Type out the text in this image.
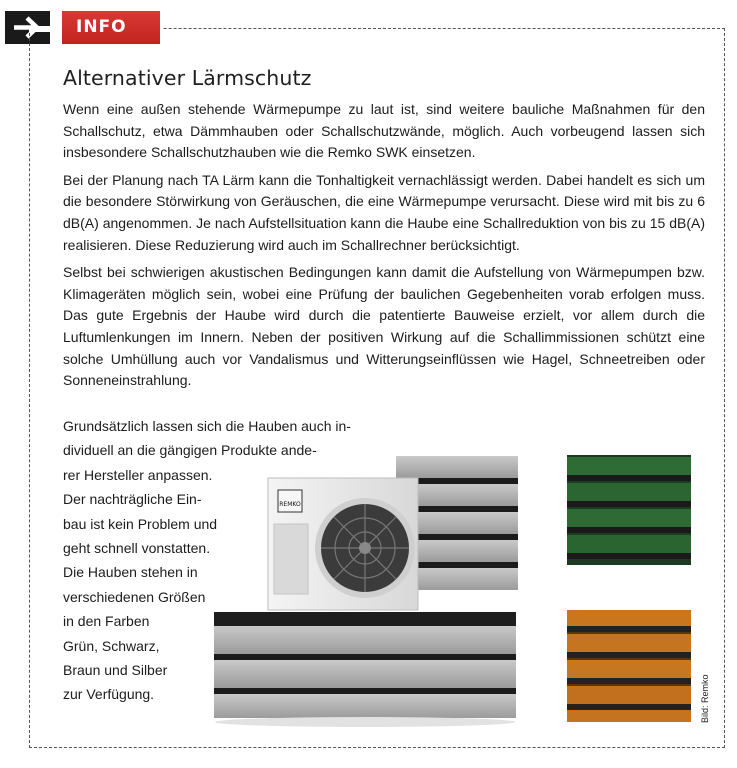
INFO
Alternativer Lärmschutz

Wenn eine außen stehende Wärmepumpe zu laut ist, sind weitere bauliche Maßnahmen für den Schallschutz, etwa Dämmhauben oder Schallschutzwände, möglich. Auch vorbeugend lassen sich insbesondere Schallschutzhauben wie die Remko SWK einsetzen.

Bei der Planung nach TA Lärm kann die Tonhaltigkeit vernachlässigt werden. Dabei handelt es sich um die besondere Störwirkung von Geräuschen, die eine Wärmepumpe verursacht. Diese wird mit bis zu 6 dB(A) angenommen. Je nach Aufstellsituation kann die Haube eine Schallreduktion von bis zu 15 dB(A) realisieren. Diese Reduzierung wird auch im Schallrechner berücksichtigt.

Selbst bei schwierigen akustischen Bedingungen kann damit die Aufstellung von Wärmepumpen bzw. Klimageräten möglich sein, wobei eine Prüfung der baulichen Gegebenheiten vorab erfolgen muss. Das gute Ergebnis der Haube wird durch die patentierte Bauweise erzielt, vor allem durch die Luftumlenkungen im Innern. Neben der positiven Wirkung auf die Schallimmissionen schützt eine solche Umhüllung auch vor Vandalismus und Witterungseinflüssen wie Hagel, Schneetreiben oder Sonneneinstrahlung.

Grundsätzlich lassen sich die Hauben auch in-
dividuell an die gängigen Produkte ande-
rer Hersteller anpassen.
Der nachträgliche Ein-
bau ist kein Problem und
geht schnell vonstatten.
Die Hauben stehen in
verschiedenen Größen
in den Farben
Grün, Schwarz,
Braun und Silber
zur Verfügung.
REMKO
Bild: Remko
